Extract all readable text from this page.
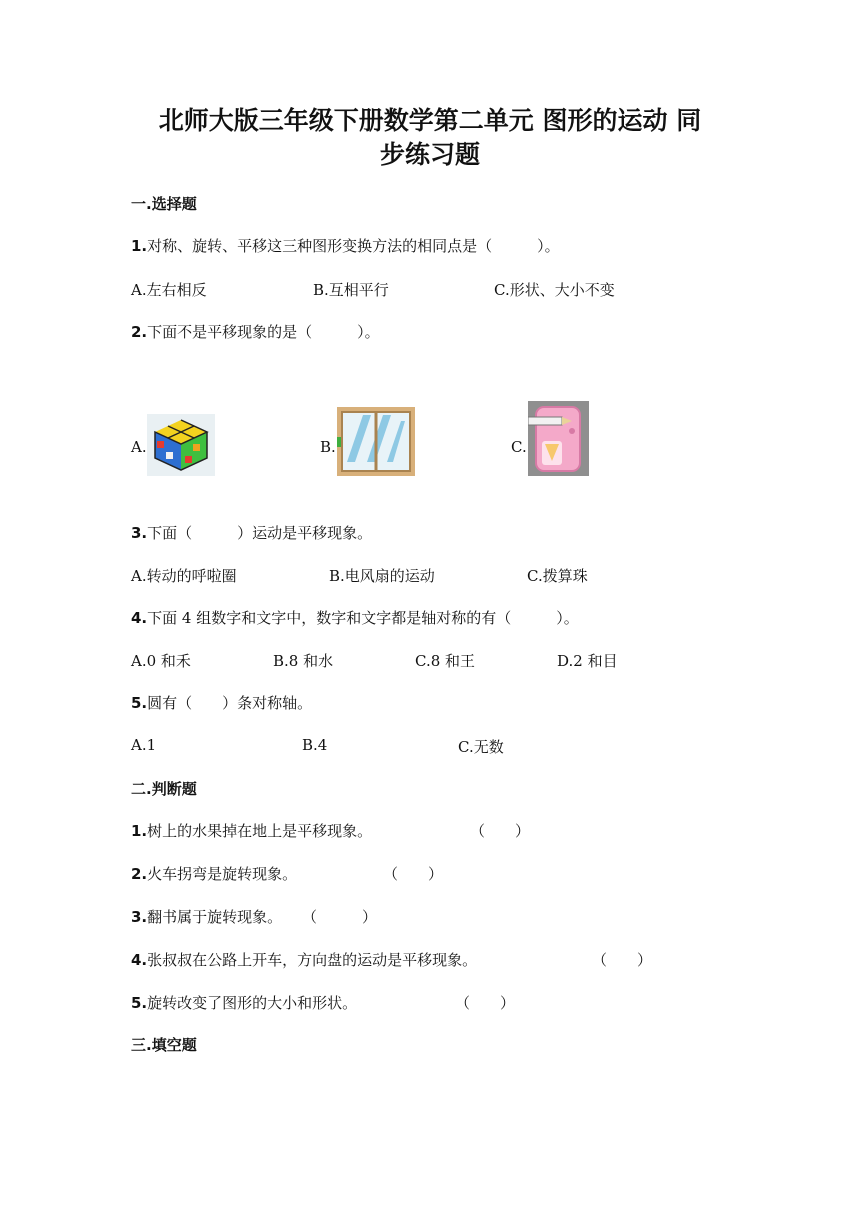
北师大版三年级下册数学第二单元 图形的运动 同
步练习题
一.选择题
1.对称、旋转、平移这三种图形变换方法的相同点是（　　　）。
A.左右相反	B.互相平行	C.形状、大小不变
2.下面不是平移现象的是（　　　）。
A.	B.	C.
3.下面（　　　）运动是平移现象。
A.转动的呼啦圈	B.电风扇的运动	C.拨算珠
4.下面 4 组数字和文字中，数字和文字都是轴对称的有（　　　）。
A.0 和禾	B.8 和水	C.8 和王	D.2 和目
5.圆有（　　）条对称轴。
A.1	B.4	C.无数
二.判断题
1.树上的水果掉在地上是平移现象。	（　　）
2.火车拐弯是旋转现象。	（　　）
3.翻书属于旋转现象。 （　　　）
4.张叔叔在公路上开车，方向盘的运动是平移现象。	（　　）
5.旋转改变了图形的大小和形状。	（　　）
三.填空题
